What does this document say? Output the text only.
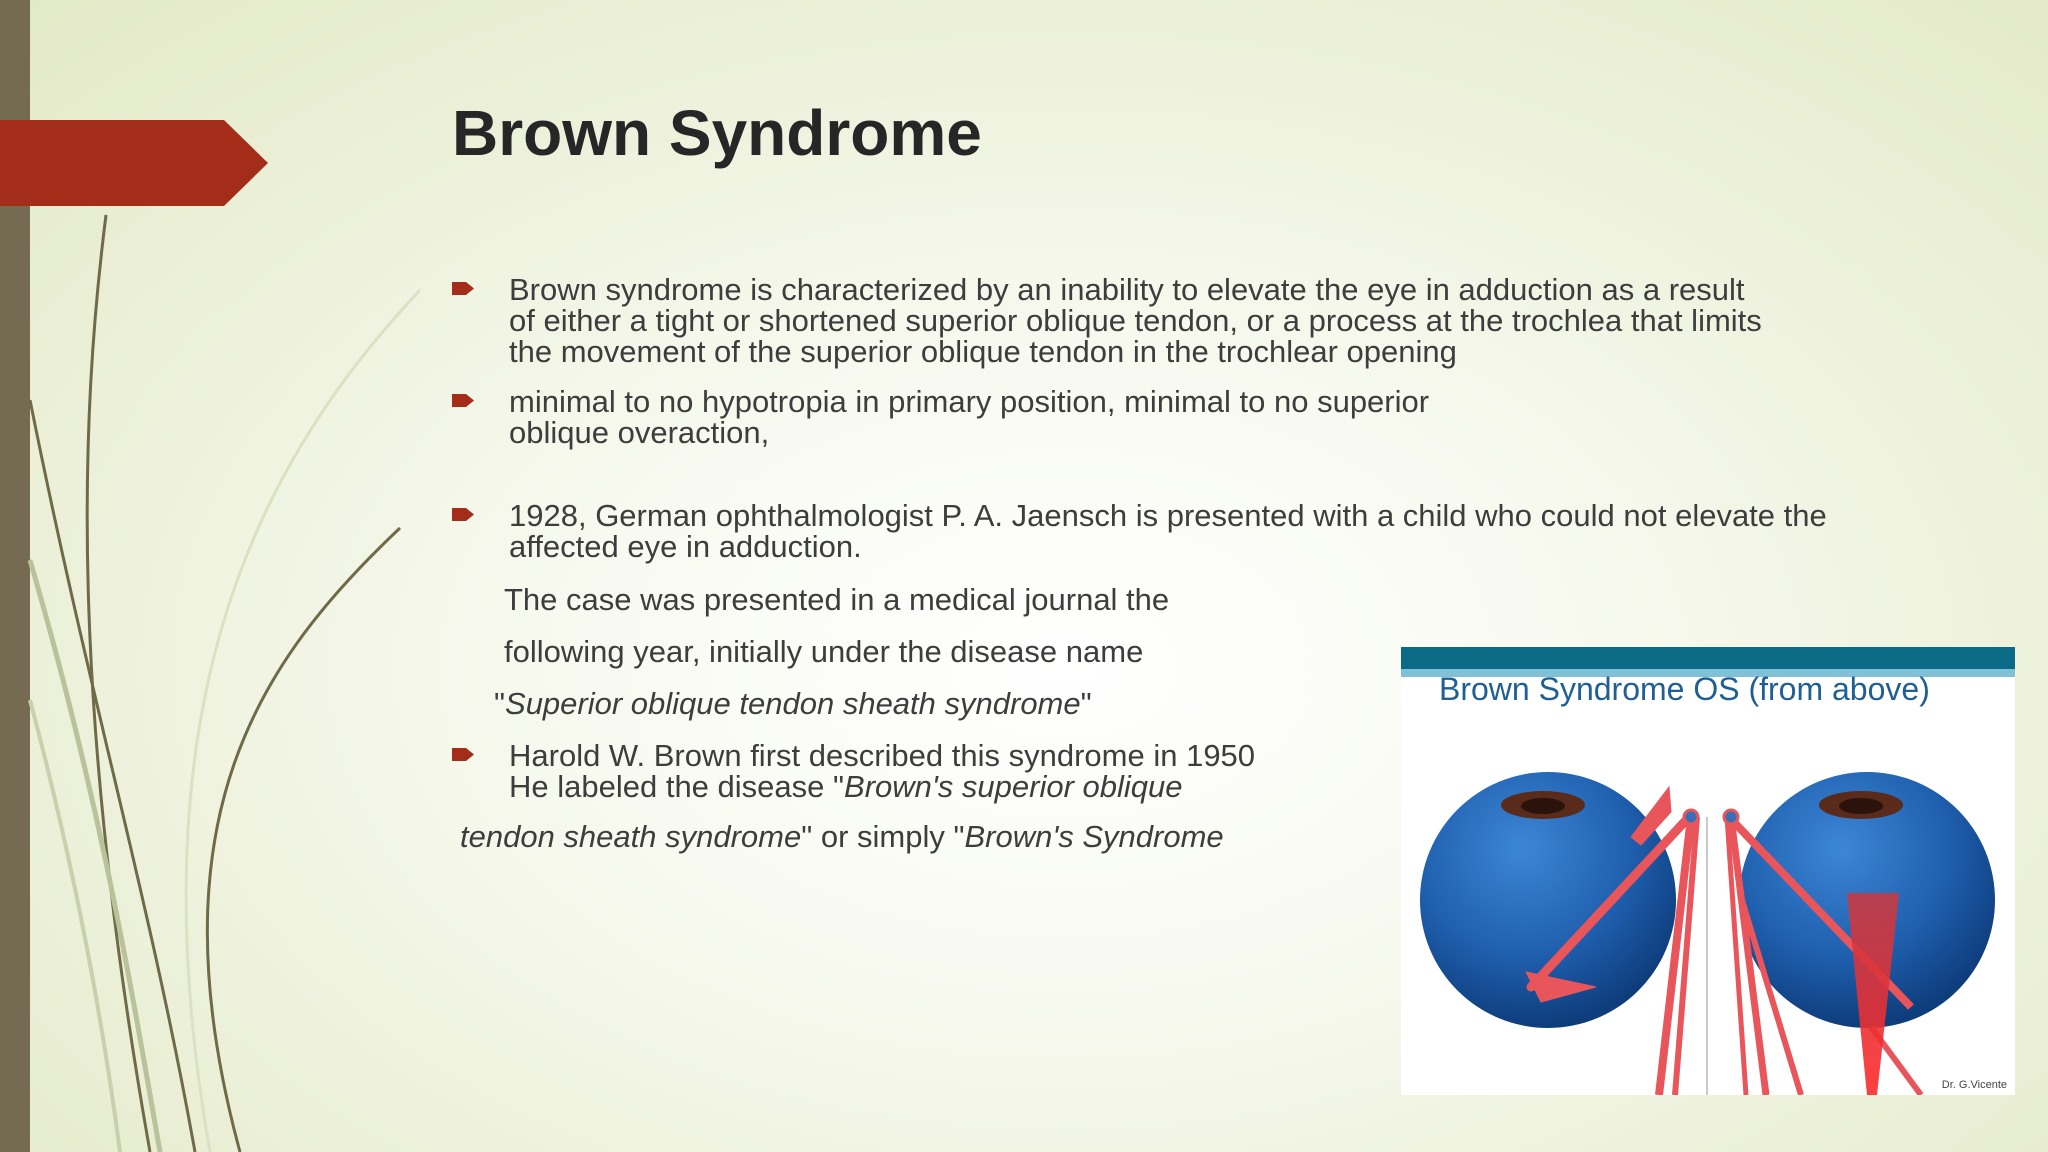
Brown Syndrome
Brown syndrome is characterized by an inability to elevate the eye in adduction as a result
of either a tight or shortened superior oblique tendon, or a process at the trochlea that limits
the movement of the superior oblique tendon in the trochlear opening
minimal to no hypotropia in primary position, minimal to no superior
oblique overaction,
1928, German ophthalmologist P. A. Jaensch is presented with a child who could not elevate the
affected eye in adduction.
The case was presented in a medical journal the
following year, initially under the disease name
"Superior oblique tendon sheath syndrome"
Harold W. Brown first described this syndrome in 1950
He labeled the disease "Brown's superior oblique
tendon sheath syndrome" or simply "Brown's Syndrome
Brown Syndrome OS (from above)
Dr. G.Vicente
